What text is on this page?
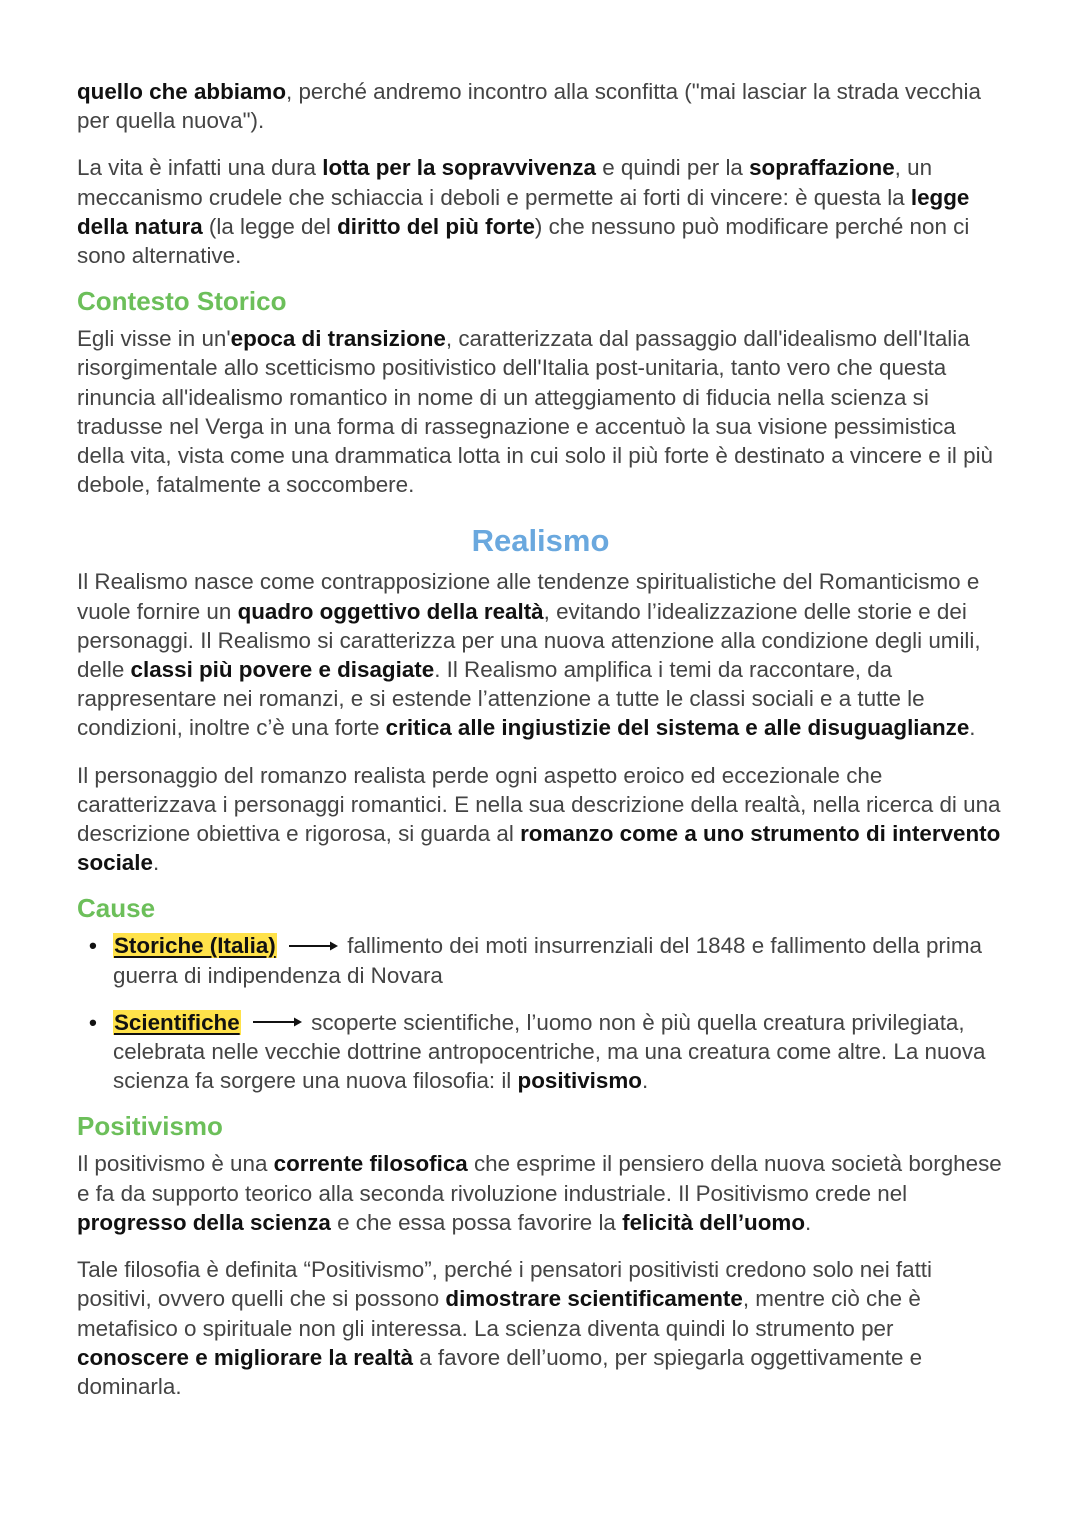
quello che abbiamo, perché andremo incontro alla sconfitta ("mai lasciar la strada vecchia per quella nuova").

La vita è infatti una dura lotta per la sopravvivenza e quindi per la sopraffazione, un meccanismo crudele che schiaccia i deboli e permette ai forti di vincere: è questa la legge della natura (la legge del diritto del più forte) che nessuno può modificare perché non ci sono alternative.

Contesto Storico

Egli visse in un'epoca di transizione, caratterizzata dal passaggio dall'idealismo dell'Italia risorgimentale allo scetticismo positivistico dell'Italia post-unitaria, tanto vero che questa rinuncia all'idealismo romantico in nome di un atteggiamento di fiducia nella scienza si tradusse nel Verga in una forma di rassegnazione e accentuò la sua visione pessimistica della vita, vista come una drammatica lotta in cui solo il più forte è destinato a vincere e il più debole, fatalmente a soccombere.

Realismo

Il Realismo nasce come contrapposizione alle tendenze spiritualistiche del Romanticismo e vuole fornire un quadro oggettivo della realtà, evitando l’idealizzazione delle storie e dei personaggi. Il Realismo si caratterizza per una nuova attenzione alla condizione degli umili, delle classi più povere e disagiate. Il Realismo amplifica i temi da raccontare, da rappresentare nei romanzi, e si estende l’attenzione a tutte le classi sociali e a tutte le condizioni, inoltre c’è una forte critica alle ingiustizie del sistema e alle disuguaglianze.

Il personaggio del romanzo realista perde ogni aspetto eroico ed eccezionale che caratterizzava i personaggi romantici. E nella sua descrizione della realtà, nella ricerca di una descrizione obiettiva e rigorosa, si guarda al romanzo come a uno strumento di intervento sociale.

Cause
• Storiche (Italia)	fallimento dei moti insurrenziali del 1848 e fallimento della prima guerra di indipendenza di Novara
• Scientifiche	scoperte scientifiche, l’uomo non è più quella creatura privilegiata, celebrata nelle vecchie dottrine antropocentriche, ma una creatura come altre. La nuova scienza fa sorgere una nuova filosofia: il positivismo.
Positivismo

Il positivismo è una corrente filosofica che esprime il pensiero della nuova società borghese e fa da supporto teorico alla seconda rivoluzione industriale. Il Positivismo crede nel progresso della scienza e che essa possa favorire la felicità dell’uomo.

Tale filosofia è definita “Positivismo”, perché i pensatori positivisti credono solo nei fatti positivi, ovvero quelli che si possono dimostrare scientificamente, mentre ciò che è metafisico o spirituale non gli interessa. La scienza diventa quindi lo strumento per conoscere e migliorare la realtà a favore dell’uomo, per spiegarla oggettivamente e dominarla.
